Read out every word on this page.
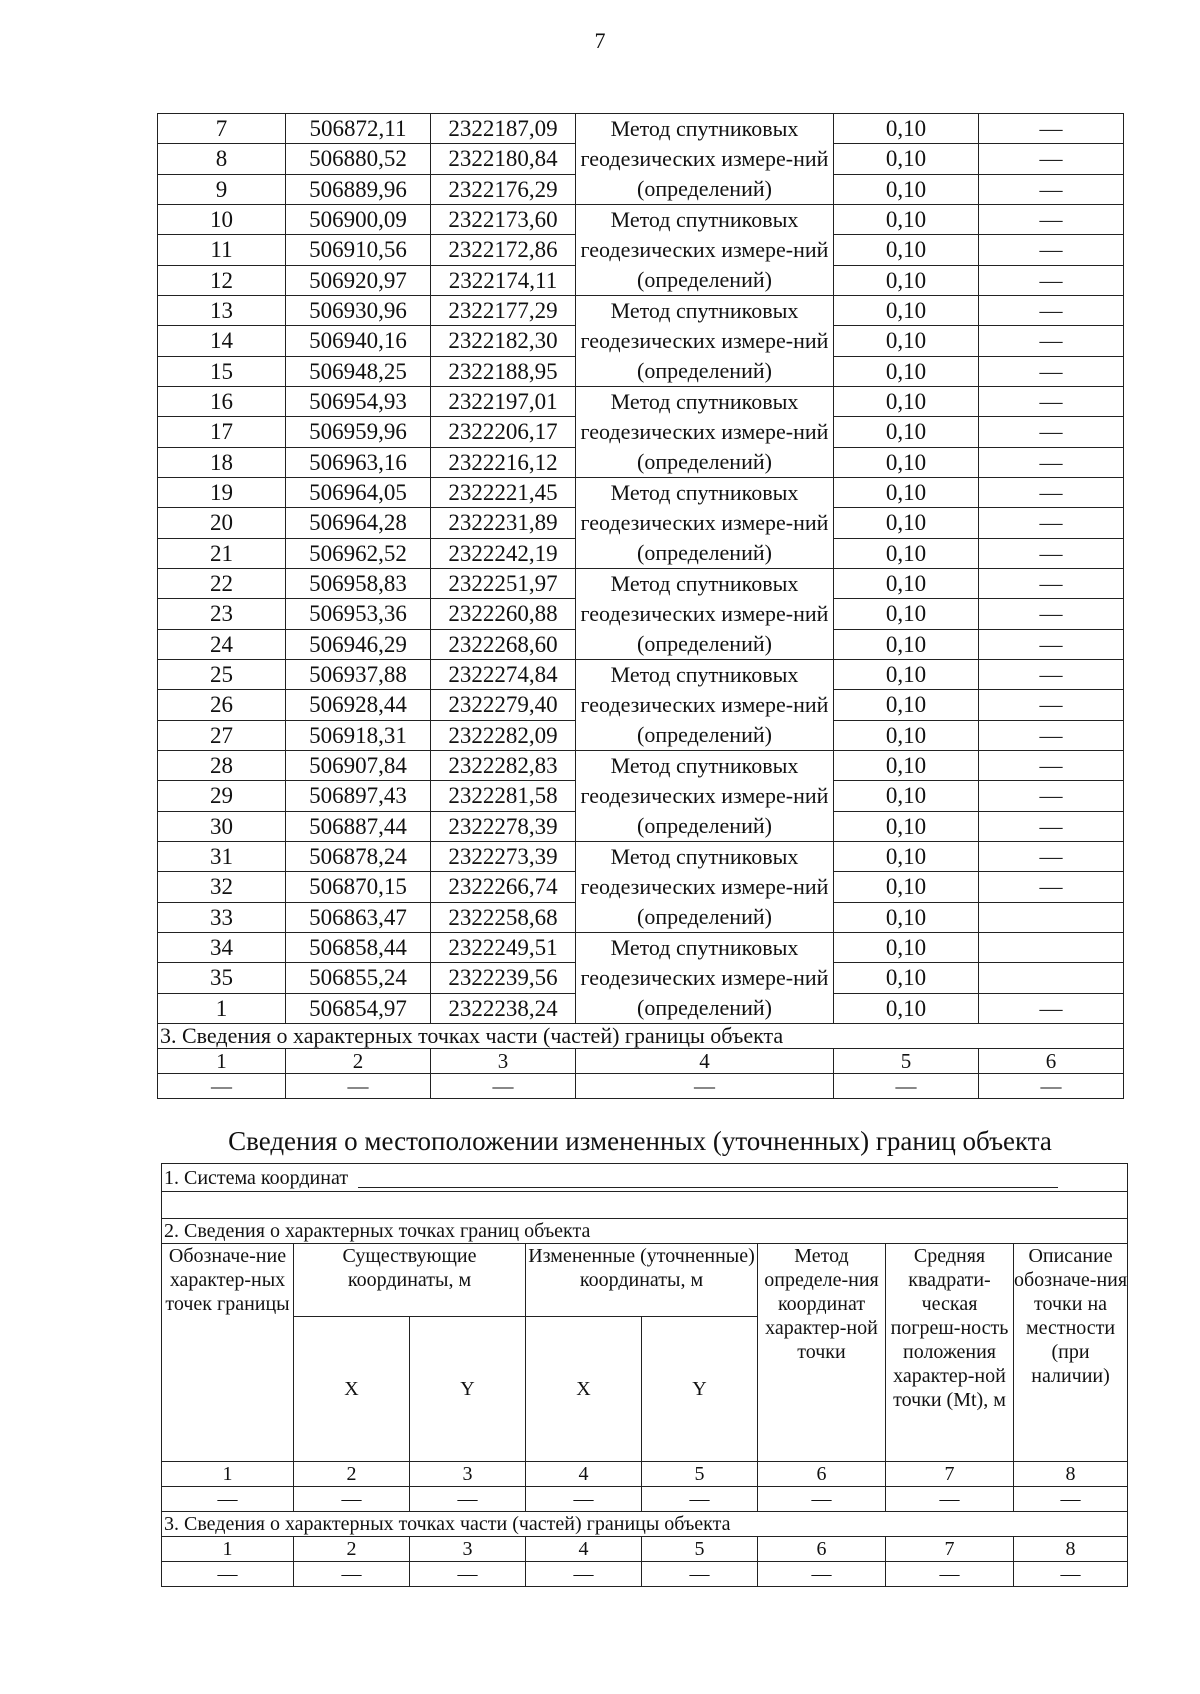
7
7	506872,11	2322187,09	Метод спутниковых геодезических измере-ний (определений)	0,10	—
8	506880,52	2322180,84		0,10	—
9	506889,96	2322176,29		0,10	—
10	506900,09	2322173,60	Метод спутниковых геодезических измере-ний (определений)	0,10	—
11	506910,56	2322172,86		0,10	—
12	506920,97	2322174,11		0,10	—
13	506930,96	2322177,29	Метод спутниковых геодезических измере-ний (определений)	0,10	—
14	506940,16	2322182,30		0,10	—
15	506948,25	2322188,95		0,10	—
16	506954,93	2322197,01	Метод спутниковых геодезических измере-ний (определений)	0,10	—
17	506959,96	2322206,17		0,10	—
18	506963,16	2322216,12		0,10	—
19	506964,05	2322221,45	Метод спутниковых геодезических измере-ний (определений)	0,10	—
20	506964,28	2322231,89		0,10	—
21	506962,52	2322242,19		0,10	—
22	506958,83	2322251,97	Метод спутниковых геодезических измере-ний (определений)	0,10	—
23	506953,36	2322260,88		0,10	—
24	506946,29	2322268,60		0,10	—
25	506937,88	2322274,84	Метод спутниковых геодезических измере-ний (определений)	0,10	—
26	506928,44	2322279,40		0,10	—
27	506918,31	2322282,09		0,10	—
28	506907,84	2322282,83	Метод спутниковых геодезических измере-ний (определений)	0,10	—
29	506897,43	2322281,58		0,10	—
30	506887,44	2322278,39		0,10	—
31	506878,24	2322273,39	Метод спутниковых геодезических измере-ний (определений)	0,10	—
32	506870,15	2322266,74		0,10	—
33	506863,47	2322258,68		0,10	
34	506858,44	2322249,51	Метод спутниковых геодезических измере-ний (определений)	0,10	
35	506855,24	2322239,56		0,10	
1	506854,97	2322238,24		0,10	—
3. Сведения о характерных точках части (частей) границы объекта					
1	2	3	4	5	6
—	—	—	—	—	—
Сведения о местоположении измененных (уточненных) границ объекта
1. Система координат							

2. Сведения о характерных точках границ объекта							
Обозначе-ние характер-ных точек границы	Существующие координаты, м		Измененные (уточненные) координаты, м		Метод определе-ния координат характер-ной точки	Средняя квадрати-ческая погреш-ность положения характер-ной точки (Mt), м	Описание обозначе-ния точки на местности (при наличии)
	X	Y	X	Y			
1	2	3	4	5	6	7	8
—	—	—	—	—	—	—	—
3. Сведения о характерных точках части (частей) границы объекта							
1	2	3	4	5	6	7	8
—	—	—	—	—	—	—	—
